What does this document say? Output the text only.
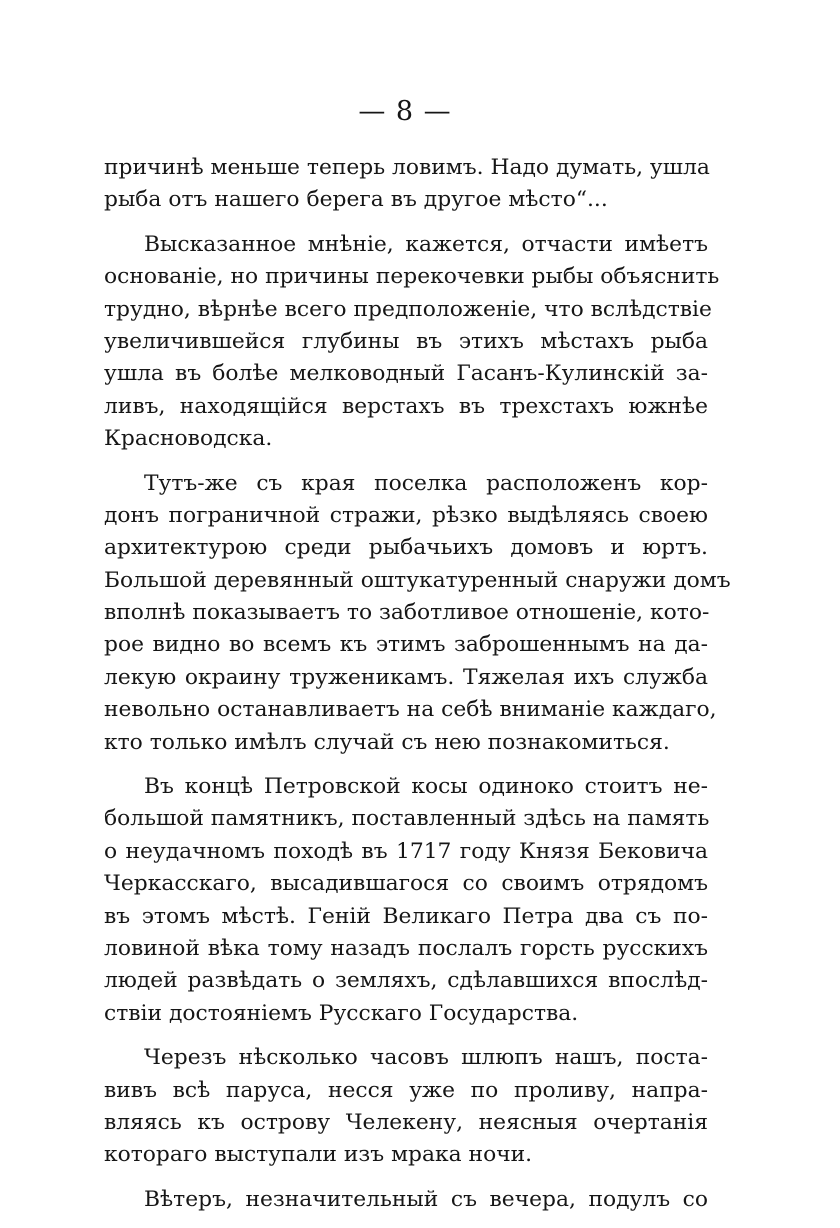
— 8 —
причинѣ меньше теперь ловимъ. Надо думать, ушла
рыба отъ нашего берега въ другое мѣсто“...
Высказанное мнѣніе, кажется, отчасти имѣетъ
основаніе, но причины перекочевки рыбы объяснить
трудно, вѣрнѣе всего предположеніе, что вслѣдствіе
увеличившейся глубины въ этихъ мѣстахъ рыба
ушла въ болѣе мелководный Гасанъ-Кулинскій за-
ливъ, находящійся верстахъ въ трехстахъ южнѣе
Красноводска.
Тутъ-же съ края поселка расположенъ кор-
донъ пограничной стражи, рѣзко выдѣляясь своею
архитектурою среди рыбачьихъ домовъ и юртъ.
Большой деревянный оштукатуренный снаружи домъ
вполнѣ показываетъ то заботливое отношеніе, кото-
рое видно во всемъ къ этимъ заброшеннымъ на да-
лекую окраину труженикамъ. Тяжелая ихъ служба
невольно останавливаетъ на себѣ вниманіе каждаго,
кто только имѣлъ случай съ нею познакомиться.
Въ концѣ Петровской косы одиноко стоитъ не-
большой памятникъ, поставленный здѣсь на память
о неудачномъ походѣ въ 1717 году Князя Бековича
Черкасскаго, высадившагося со своимъ отрядомъ
въ этомъ мѣстѣ. Геній Великаго Петра два съ по-
ловиной вѣка тому назадъ послалъ горсть русскихъ
людей развѣдать о земляхъ, сдѣлавшихся впослѣд-
ствіи достояніемъ Русскаго Государства.
Черезъ нѣсколько часовъ шлюпъ нашъ, поста-
вивъ всѣ паруса, несся уже по проливу, напра-
вляясь къ острову Челекену, неясныя очертанія
котораго выступали изъ мрака ночи.
Вѣтеръ, незначительный съ вечера, подулъ со
